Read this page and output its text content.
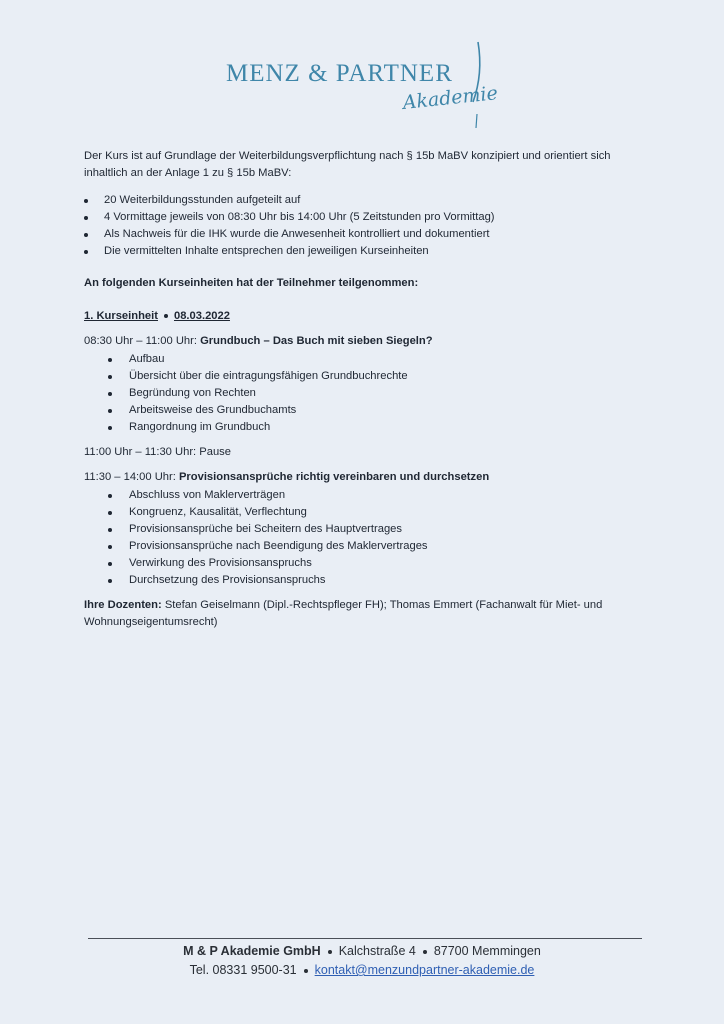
MENZ & PARTNER
Akademie

Der Kurs ist auf Grundlage der Weiterbildungsverpflichtung nach § 15b MaBV konzipiert und orientiert sich inhaltlich an der Anlage 1 zu § 15b MaBV:

20 Weiterbildungsstunden aufgeteilt auf
4 Vormittage jeweils von 08:30 Uhr bis 14:00 Uhr (5 Zeitstunden pro Vormittag)
Als Nachweis für die IHK wurde die Anwesenheit kontrolliert und dokumentiert
Die vermittelten Inhalte entsprechen den jeweiligen Kurseinheiten

An folgenden Kurseinheiten hat der Teilnehmer teilgenommen:

1. Kurseinheit 08.03.2022

08:30 Uhr – 11:00 Uhr: Grundbuch – Das Buch mit sieben Siegeln?

Aufbau
Übersicht über die eintragungsfähigen Grundbuchrechte
Begründung von Rechten
Arbeitsweise des Grundbuchamts
Rangordnung im Grundbuch

11:00 Uhr – 11:30 Uhr: Pause

11:30 – 14:00 Uhr: Provisionsansprüche richtig vereinbaren und durchsetzen

Abschluss von Maklerverträgen
Kongruenz, Kausalität, Verflechtung
Provisionsansprüche bei Scheitern des Hauptvertrages
Provisionsansprüche nach Beendigung des Maklervertrages
Verwirkung des Provisionsanspruchs
Durchsetzung des Provisionsanspruchs

Ihre Dozenten: Stefan Geiselmann (Dipl.-Rechtspfleger FH); Thomas Emmert (Fachanwalt für Miet- und Wohnungseigentumsrecht)

M & P Akademie GmbH Kalchstraße 4 87700 Memmingen
Tel. 08331 9500-31 kontakt@menzundpartner-akademie.de
